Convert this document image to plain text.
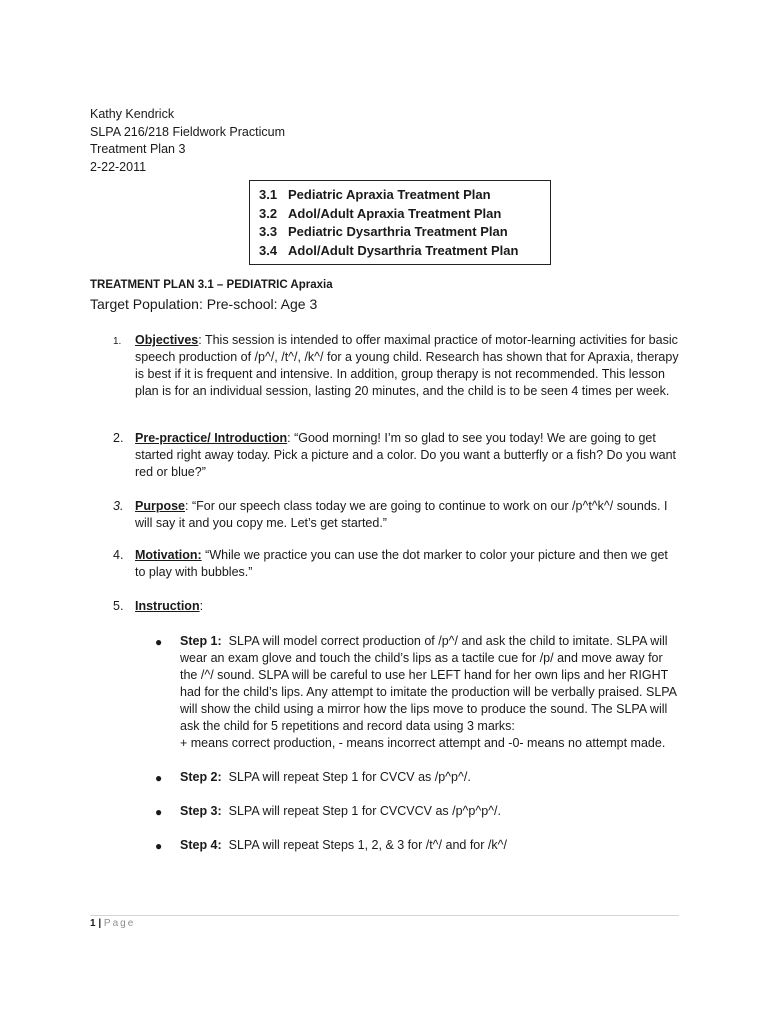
Kathy Kendrick
SLPA 216/218 Fieldwork Practicum
Treatment Plan 3
2-22-2011
3.1 Pediatric Apraxia Treatment Plan
3.2 Adol/Adult Apraxia Treatment Plan
3.3 Pediatric Dysarthria Treatment Plan
3.4 Adol/Adult Dysarthria Treatment Plan
TREATMENT PLAN 3.1 – PEDIATRIC Apraxia
Target Population: Pre-school: Age 3
1. Objectives: This session is intended to offer maximal practice of motor-learning activities for basic speech production of /p^/, /t^/, /k^/ for a young child. Research has shown that for Apraxia, therapy is best if it is frequent and intensive. In addition, group therapy is not recommended. This lesson plan is for an individual session, lasting 20 minutes, and the child is to be seen 4 times per week.
2. Pre-practice/ Introduction: “Good morning! I’m so glad to see you today! We are going to get started right away today. Pick a picture and a color. Do you want a butterfly or a fish? Do you want red or blue?”
3. Purpose: “For our speech class today we are going to continue to work on our /p^t^k^/ sounds. I will say it and you copy me. Let’s get started.”
4. Motivation: “While we practice you can use the dot marker to color your picture and then we get to play with bubbles.”
5. Instruction:
● Step 1: SLPA will model correct production of /p^/ and ask the child to imitate. SLPA will wear an exam glove and touch the child’s lips as a tactile cue for /p/ and move away for the /^/ sound. SLPA will be careful to use her LEFT hand for her own lips and her RIGHT had for the child’s lips. Any attempt to imitate the production will be verbally praised. SLPA will show the child using a mirror how the lips move to produce the sound. The SLPA will ask the child for 5 repetitions and record data using 3 marks:
+ means correct production, - means incorrect attempt and -0- means no attempt made.
● Step 2: SLPA will repeat Step 1 for CVCV as /p^p^/.
● Step 3: SLPA will repeat Step 1 for CVCVCV as /p^p^p^/.
● Step 4: SLPA will repeat Steps 1, 2, & 3 for /t^/ and for /k^/
1 | Page
